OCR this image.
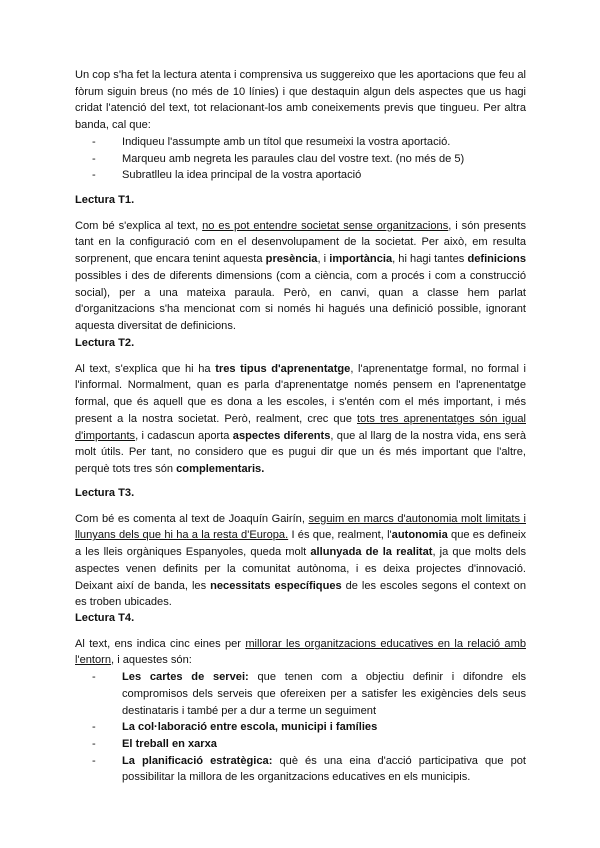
Un cop s'ha fet la lectura atenta i comprensiva us suggereixo que les aportacions que feu al fòrum siguin breus (no més de 10 línies) i que destaquin algun dels aspectes que us hagi cridat l'atenció del text, tot relacionant-los amb coneixements previs que tingueu. Per altra banda, cal que:

- Indiqueu l'assumpte amb un títol que resumeixi la vostra aportació.
- Marqueu amb negreta les paraules clau del vostre text. (no més de 5)
- Subratlleu la idea principal de la vostra aportació

Lectura T1.

Com bé s'explica al text, no es pot entendre societat sense organitzacions, i són presents tant en la configuració com en el desenvolupament de la societat. Per això, em resulta sorprenent, que encara tenint aquesta presència, i importància, hi hagi tantes definicions possibles i des de diferents dimensions (com a ciència, com a procés i com a construcció social), per a una mateixa paraula. Però, en canvi, quan a classe hem parlat d'organitzacions s'ha mencionat com si només hi hagués una definició possible, ignorant aquesta diversitat de definicions.

Lectura T2.

Al text, s'explica que hi ha tres tipus d'aprenentatge, l'aprenentatge formal, no formal i l'informal. Normalment, quan es parla d'aprenentatge només pensem en l'aprenentatge formal, que és aquell que es dona a les escoles, i s'entén com el més important, i més present a la nostra societat. Però, realment, crec que tots tres aprenentatges són igual d'importants, i cadascun aporta aspectes diferents, que al llarg de la nostra vida, ens serà molt útils. Per tant, no considero que es pugui dir que un és més important que l'altre, perquè tots tres són complementaris.

Lectura T3.

Com bé es comenta al text de Joaquín Gairín, seguim en marcs d'autonomia molt limitats i llunyans dels que hi ha a la resta d'Europa. I és que, realment, l'autonomia que es defineix a les lleis orgàniques Espanyoles, queda molt allunyada de la realitat, ja que molts dels aspectes venen definits per la comunitat autònoma, i es deixa projectes d'innovació. Deixant així de banda, les necessitats específiques de les escoles segons el context on es troben ubicades.

Lectura T4.

Al text, ens indica cinc eines per millorar les organitzacions educatives en la relació amb l'entorn, i aquestes són:

- Les cartes de servei: que tenen com a objectiu definir i difondre els compromisos dels serveis que ofereixen per a satisfer les exigències dels seus destinataris i també per a dur a terme un seguiment
- La col·laboració entre escola, municipi i famílies
- El treball en xarxa
- La planificació estratègica: què és una eina d'acció participativa que pot possibilitar la millora de les organitzacions educatives en els municipis.
